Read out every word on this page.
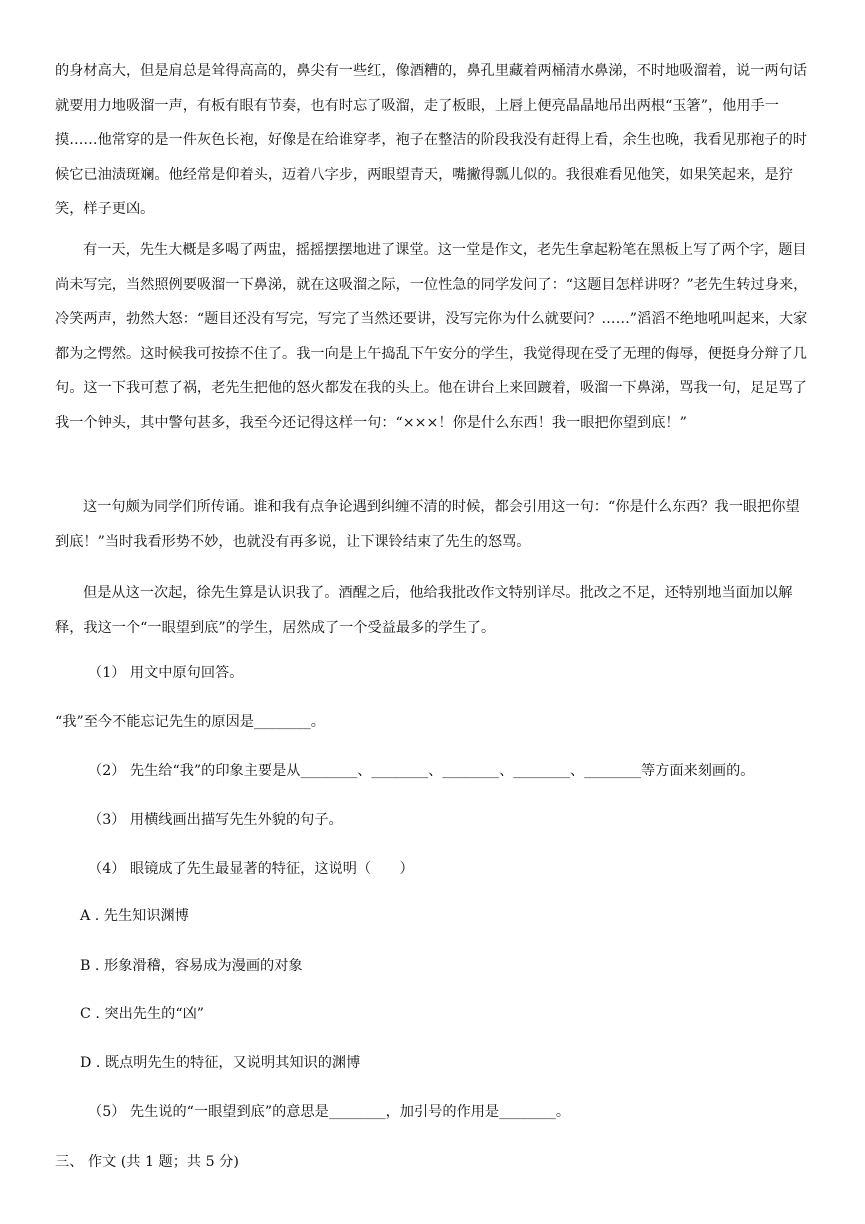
的身材高大，但是肩总是耸得高高的，鼻尖有一些红，像酒糟的，鼻孔里藏着两桶清水鼻涕，不时地吸溜着，说一两句话就要用力地吸溜一声，有板有眼有节奏，也有时忘了吸溜，走了板眼，上唇上便亮晶晶地吊出两根“玉箸”，他用手一摸……他常穿的是一件灰色长袍，好像是在给谁穿孝，袍子在整洁的阶段我没有赶得上看，余生也晚，我看见那袍子的时候它已油渍斑斓。他经常是仰着头，迈着八字步，两眼望青天，嘴撇得瓢儿似的。我很难看见他笑，如果笑起来，是狞笑，样子更凶。

有一天，先生大概是多喝了两盅，摇摇摆摆地进了课堂。这一堂是作文，老先生拿起粉笔在黑板上写了两个字，题目尚未写完，当然照例要吸溜一下鼻涕，就在这吸溜之际，一位性急的同学发问了：“这题目怎样讲呀？”老先生转过身来，冷笑两声，勃然大怒：“题目还没有写完，写完了当然还要讲，没写完你为什么就要问？……”滔滔不绝地吼叫起来，大家都为之愕然。这时候我可按捺不住了。我一向是上午捣乱下午安分的学生，我觉得现在受了无理的侮辱，便挺身分辩了几句。这一下我可惹了祸，老先生把他的怒火都发在我的头上。他在讲台上来回踱着，吸溜一下鼻涕，骂我一句，足足骂了我一个钟头，其中警句甚多，我至今还记得这样一句：“×××！你是什么东西！我一眼把你望到底！”

这一句颇为同学们所传诵。谁和我有点争论遇到纠缠不清的时候，都会引用这一句：“你是什么东西？我一眼把你望到底！”当时我看形势不妙，也就没有再多说，让下课铃结束了先生的怒骂。

但是从这一次起，徐先生算是认识我了。酒醒之后，他给我批改作文特别详尽。批改之不足，还特别地当面加以解释，我这一个“一眼望到底”的学生，居然成了一个受益最多的学生了。

（1） 用文中原句回答。

“我”至今不能忘记先生的原因是________。

（2） 先生给“我”的印象主要是从________、________、________、________、________等方面来刻画的。

（3） 用横线画出描写先生外貌的句子。

（4） 眼镜成了先生最显著的特征，这说明（　　）

A . 先生知识渊博

B . 形象滑稽，容易成为漫画的对象

C . 突出先生的“凶”

D . 既点明先生的特征，又说明其知识的渊博

（5） 先生说的“一眼望到底”的意思是________，加引号的作用是________。

三、 作文 (共 1 题；共 5 分)
